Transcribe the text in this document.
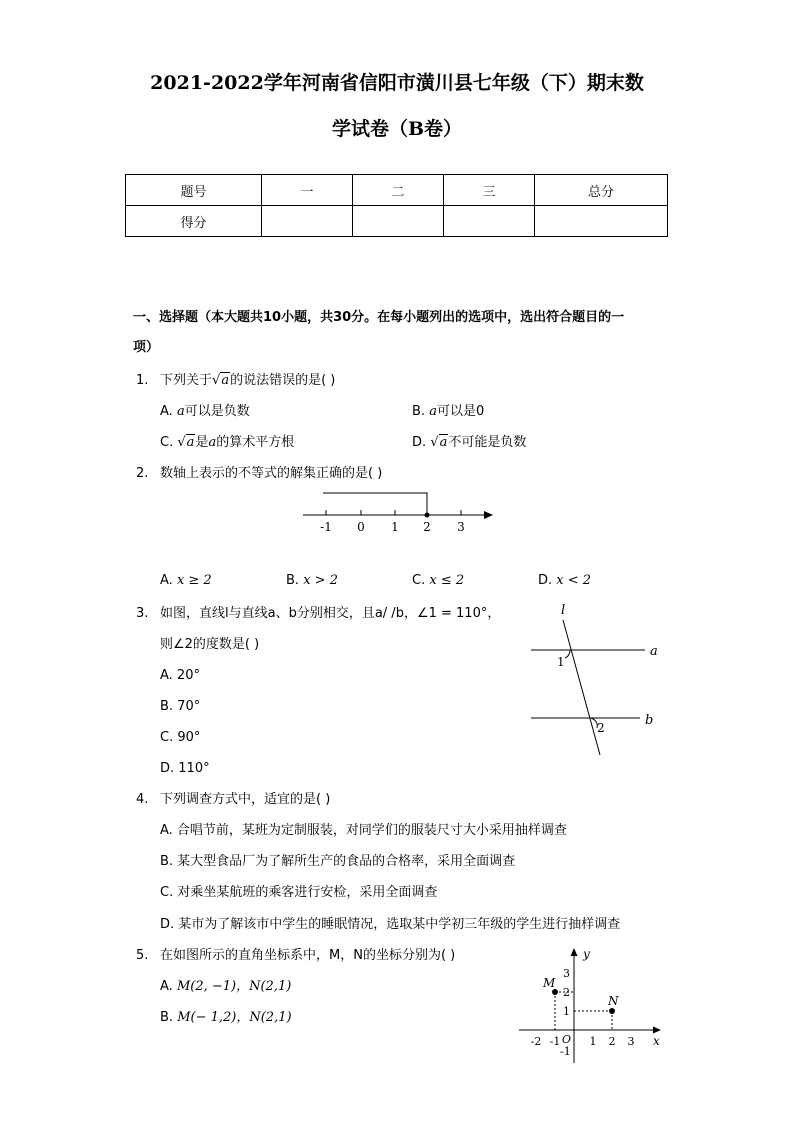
2021-2022学年河南省信阳市潢川县七年级（下）期末数
学试卷（B卷）
题号	一	二	三	总分
得分				
一、选择题（本大题共10小题，共30分。在每小题列出的选项中，选出符合题目的一
项）
1. 下列关于√a的说法错误的是( )
A. a可以是负数	B. a可以是0
C. √a是a的算术平方根	D. √a不可能是负数
2. 数轴上表示的不等式的解集正确的是( )
-1 0 1 2 3
A. x ≥ 2	B. x > 2	C. x ≤ 2	D. x < 2
3. 如图，直线l与直线a、b分别相交，且a/ /b，∠1 = 110°，
则∠2的度数是( )
A. 20°
B. 70°
C. 90°
D. 110°
l
a
b
1
2
4. 下列调查方式中，适宜的是( )
A. 合唱节前，某班为定制服装，对同学们的服装尺寸大小采用抽样调查
B. 某大型食品厂为了解所生产的食品的合格率，采用全面调查
C. 对乘坐某航班的乘客进行安检，采用全面调查
D. 某市为了解该市中学生的睡眠情况，选取某中学初三年级的学生进行抽样调查
5. 在如图所示的直角坐标系中，M，N的坐标分别为( )
A. M(2, −1)，N(2,1)
B. M(− 1,2)，N(2,1)
M
N
-2 -1	1 2 3
3
2
1
-1
O	x
y
